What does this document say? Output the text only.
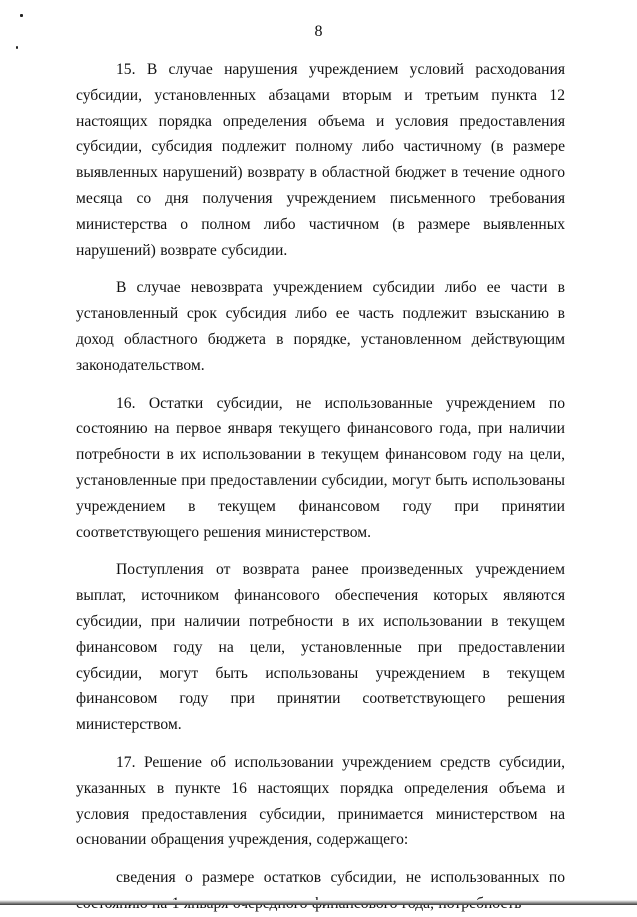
8

15. В случае нарушения учреждением условий расходования субсидии, установленных абзацами вторым и третьим пункта 12 настоящих порядка определения объема и условия предоставления субсидии, субсидия подлежит полному либо частичному (в размере выявленных нарушений) возврату в областной бюджет в течение одного месяца со дня получения учреждением письменного требования министерства о полном либо частичном (в размере выявленных нарушений) возврате субсидии.

В случае невозврата учреждением субсидии либо ее части в установленный срок субсидия либо ее часть подлежит взысканию в доход областного бюджета в порядке, установленном действующим законодательством.

16. Остатки субсидии, не использованные учреждением по состоянию на первое января текущего финансового года, при наличии потребности в их использовании в текущем финансовом году на цели, установленные при предоставлении субсидии, могут быть использованы учреждением в текущем финансовом году при принятии соответствующего решения министерством.

Поступления от возврата ранее произведенных учреждением выплат, источником финансового обеспечения которых являются субсидии, при наличии потребности в их использовании в текущем финансовом году на цели, установленные при предоставлении субсидии, могут быть использованы учреждением в текущем финансовом году при принятии соответствующего решения министерством.

17. Решение об использовании учреждением средств субсидии, указанных в пункте 16 настоящих порядка определения объема и условия предоставления субсидии, принимается министерством на основании обращения учреждения, содержащего:

сведения о размере остатков субсидии, не использованных по
